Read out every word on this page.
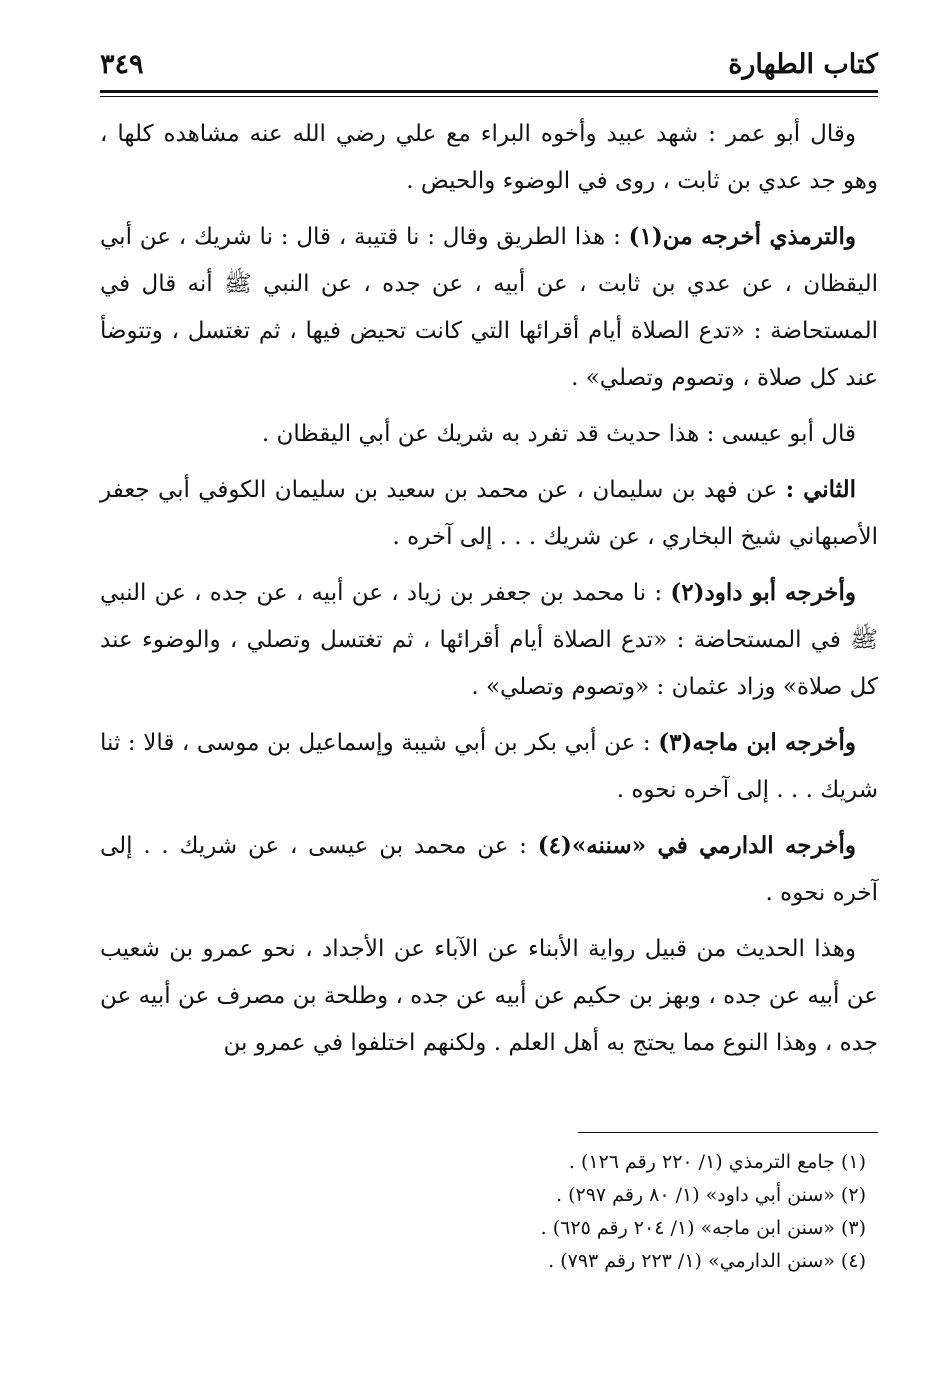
كتاب الطهارة
٣٤٩

وقال أبو عمر : شهد عبيد وأخوه البراء مع علي رضي الله عنه مشاهده كلها ، وهو جد عدي بن ثابت ، روى في الوضوء والحيض .

والترمذي أخرجه من(١) : هذا الطريق وقال : نا قتيبة ، قال : نا شريك ، عن أبي اليقظان ، عن عدي بن ثابت ، عن أبيه ، عن جده ، عن النبي ﷺ أنه قال في المستحاضة : «تدع الصلاة أيام أقرائها التي كانت تحيض فيها ، ثم تغتسل ، وتتوضأ عند كل صلاة ، وتصوم وتصلي» .

قال أبو عيسى : هذا حديث قد تفرد به شريك عن أبي اليقظان .

الثاني : عن فهد بن سليمان ، عن محمد بن سعيد بن سليمان الكوفي أبي جعفر الأصبهاني شيخ البخاري ، عن شريك . . . إلى آخره .

وأخرجه أبو داود(٢) : نا محمد بن جعفر بن زياد ، عن أبيه ، عن جده ، عن النبي ﷺ في المستحاضة : «تدع الصلاة أيام أقرائها ، ثم تغتسل وتصلي ، والوضوء عند كل صلاة» وزاد عثمان : «وتصوم وتصلي» .

وأخرجه ابن ماجه(٣) : عن أبي بكر بن أبي شيبة وإسماعيل بن موسى ، قالا : ثنا شريك . . . إلى آخره نحوه .

وأخرجه الدارمي في «سننه»(٤) : عن محمد بن عيسى ، عن شريك . . إلى آخره نحوه .

وهذا الحديث من قبيل رواية الأبناء عن الآباء عن الأجداد ، نحو عمرو بن شعيب عن أبيه عن جده ، وبهز بن حكيم عن أبيه عن جده ، وطلحة بن مصرف عن أبيه عن جده ، وهذا النوع مما يحتج به أهل العلم . ولكنهم اختلفوا في عمرو بن

(١) جامع الترمذي (١/ ٢٢٠ رقم ١٢٦) .
(٢) «سنن أبي داود» (١/ ٨٠ رقم ٢٩٧) .
(٣) «سنن ابن ماجه» (١/ ٢٠٤ رقم ٦٢٥) .
(٤) «سنن الدارمي» (١/ ٢٢٣ رقم ٧٩٣) .
